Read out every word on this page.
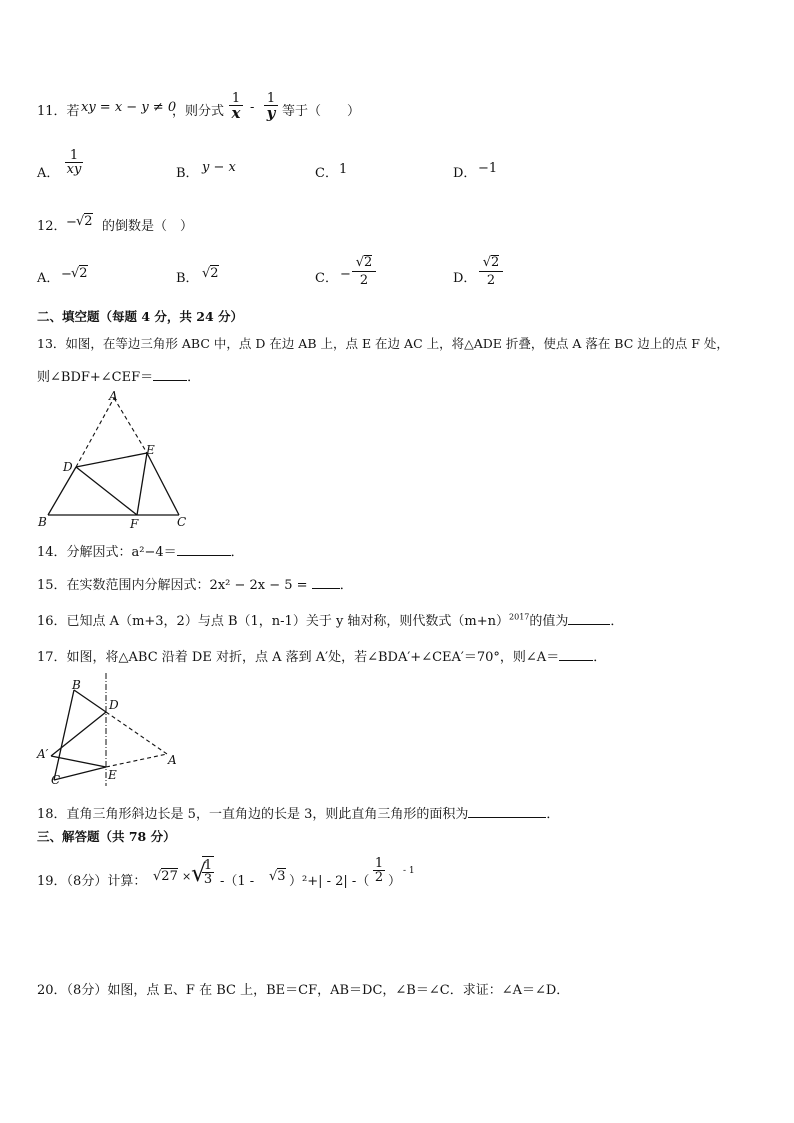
11．若 xy = x − y ≠ 0
，则分式
1
x -
1
y 等于（　　）
A．
1
xy	B． y − x	C． 1	D． −1
12． − √2 的倒数是（　）
A． − √2	B． √2	C． −
√2
2	D．
√2
2
二、填空题（每题 4 分，共 24 分）
13．如图，在等边三角形 ABC 中，点 D 在边 AB 上，点 E 在边 AC 上，将△ADE 折叠，使点 A 落在 BC 边上的点 F 处，
则∠BDF+∠CEF＝	．
A
B	C
D
E
F
14．分解因式：a²−4＝	．
15．在实数范围内分解因式：2x² − 2x − 5 = ．
16．已知点 A（m+3，2）与点 B（1，n-1）关于 y 轴对称，则代数式$(m+n)^{2017}$的值为	．
17．如图，将△ABC 沿着 DE 对折，点 A 落到 A′处，若∠BDA′+∠CEA′＝70°，则∠A＝	．
B
D
A′
C	E
A
18．直角三角形斜边长是 5，一直角边的长是 3，则此直角三角形的面积为	．
三、解答题（共 78 分）
19．（8分）计算： √27 × √
1
3 -（1 - √3 ）²+| - 2| -（
1
2 ）
- 1
20．（8分）如图，点 E、F 在 BC 上，BE＝CF，AB＝DC，∠B＝∠C．求证：∠A＝∠D．
